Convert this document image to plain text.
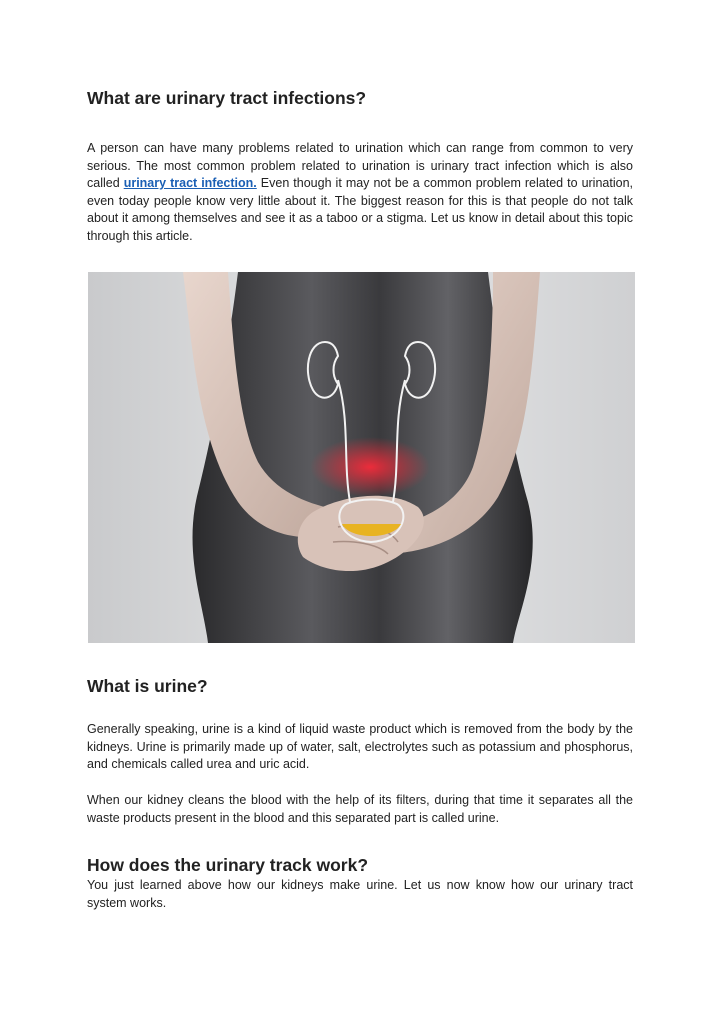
What are urinary tract infections?

A person can have many problems related to urination which can range from common to very serious. The most common problem related to urination is urinary tract infection which is also called urinary tract infection. Even though it may not be a common problem related to urination, even today people know very little about it. The biggest reason for this is that people do not talk about it among themselves and see it as a taboo or a stigma. Let us know in detail about this topic through this article.

What is urine?

Generally speaking, urine is a kind of liquid waste product which is removed from the body by the kidneys. Urine is primarily made up of water, salt, electrolytes such as potassium and phosphorus, and chemicals called urea and uric acid.

When our kidney cleans the blood with the help of its filters, during that time it separates all the waste products present in the blood and this separated part is called urine.

How does the urinary track work?

You just learned above how our kidneys make urine. Let us now know how our urinary tract system works.
